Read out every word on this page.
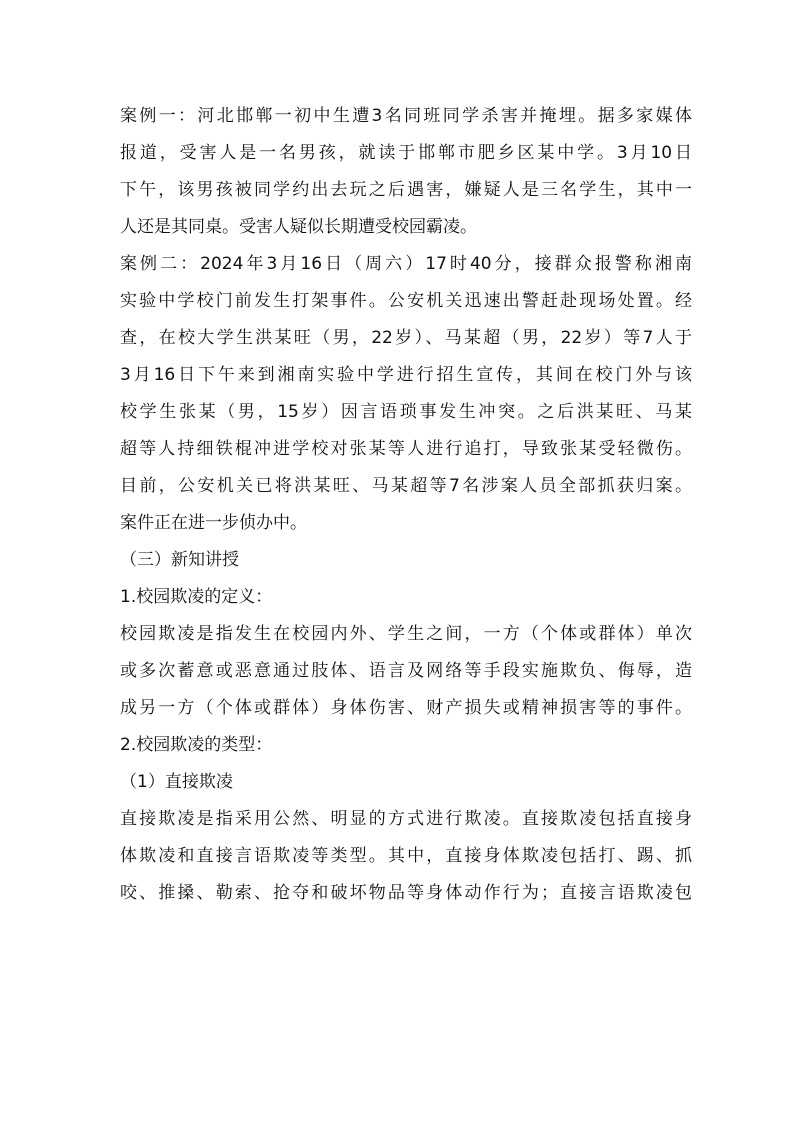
案例一：河北邯郸一初中生遭3名同班同学杀害并掩埋。据多家媒体
报道，受害人是一名男孩，就读于邯郸市肥乡区某中学。3月10日
下午，该男孩被同学约出去玩之后遇害，嫌疑人是三名学生，其中一
人还是其同桌。受害人疑似长期遭受校园霸凌。
案例二：2024年3月16日（周六）17时40分，接群众报警称湘南
实验中学校门前发生打架事件。公安机关迅速出警赶赴现场处置。经
查，在校大学生洪某旺（男，22岁）、马某超（男，22岁）等7人于
3月16日下午来到湘南实验中学进行招生宣传，其间在校门外与该
校学生张某（男，15岁）因言语琐事发生冲突。之后洪某旺、马某
超等人持细铁棍冲进学校对张某等人进行追打，导致张某受轻微伤。
目前，公安机关已将洪某旺、马某超等7名涉案人员全部抓获归案。
案件正在进一步侦办中。
（三）新知讲授
1.校园欺凌的定义：
校园欺凌是指发生在校园内外、学生之间，一方（个体或群体）单次
或多次蓄意或恶意通过肢体、语言及网络等手段实施欺负、侮辱，造
成另一方（个体或群体）身体伤害、财产损失或精神损害等的事件。
2.校园欺凌的类型：
（1）直接欺凌
直接欺凌是指采用公然、明显的方式进行欺凌。直接欺凌包括直接身
体欺凌和直接言语欺凌等类型。其中，直接身体欺凌包括打、踢、抓
咬、推搡、勒索、抢夺和破坏物品等身体动作行为；直接言语欺凌包
